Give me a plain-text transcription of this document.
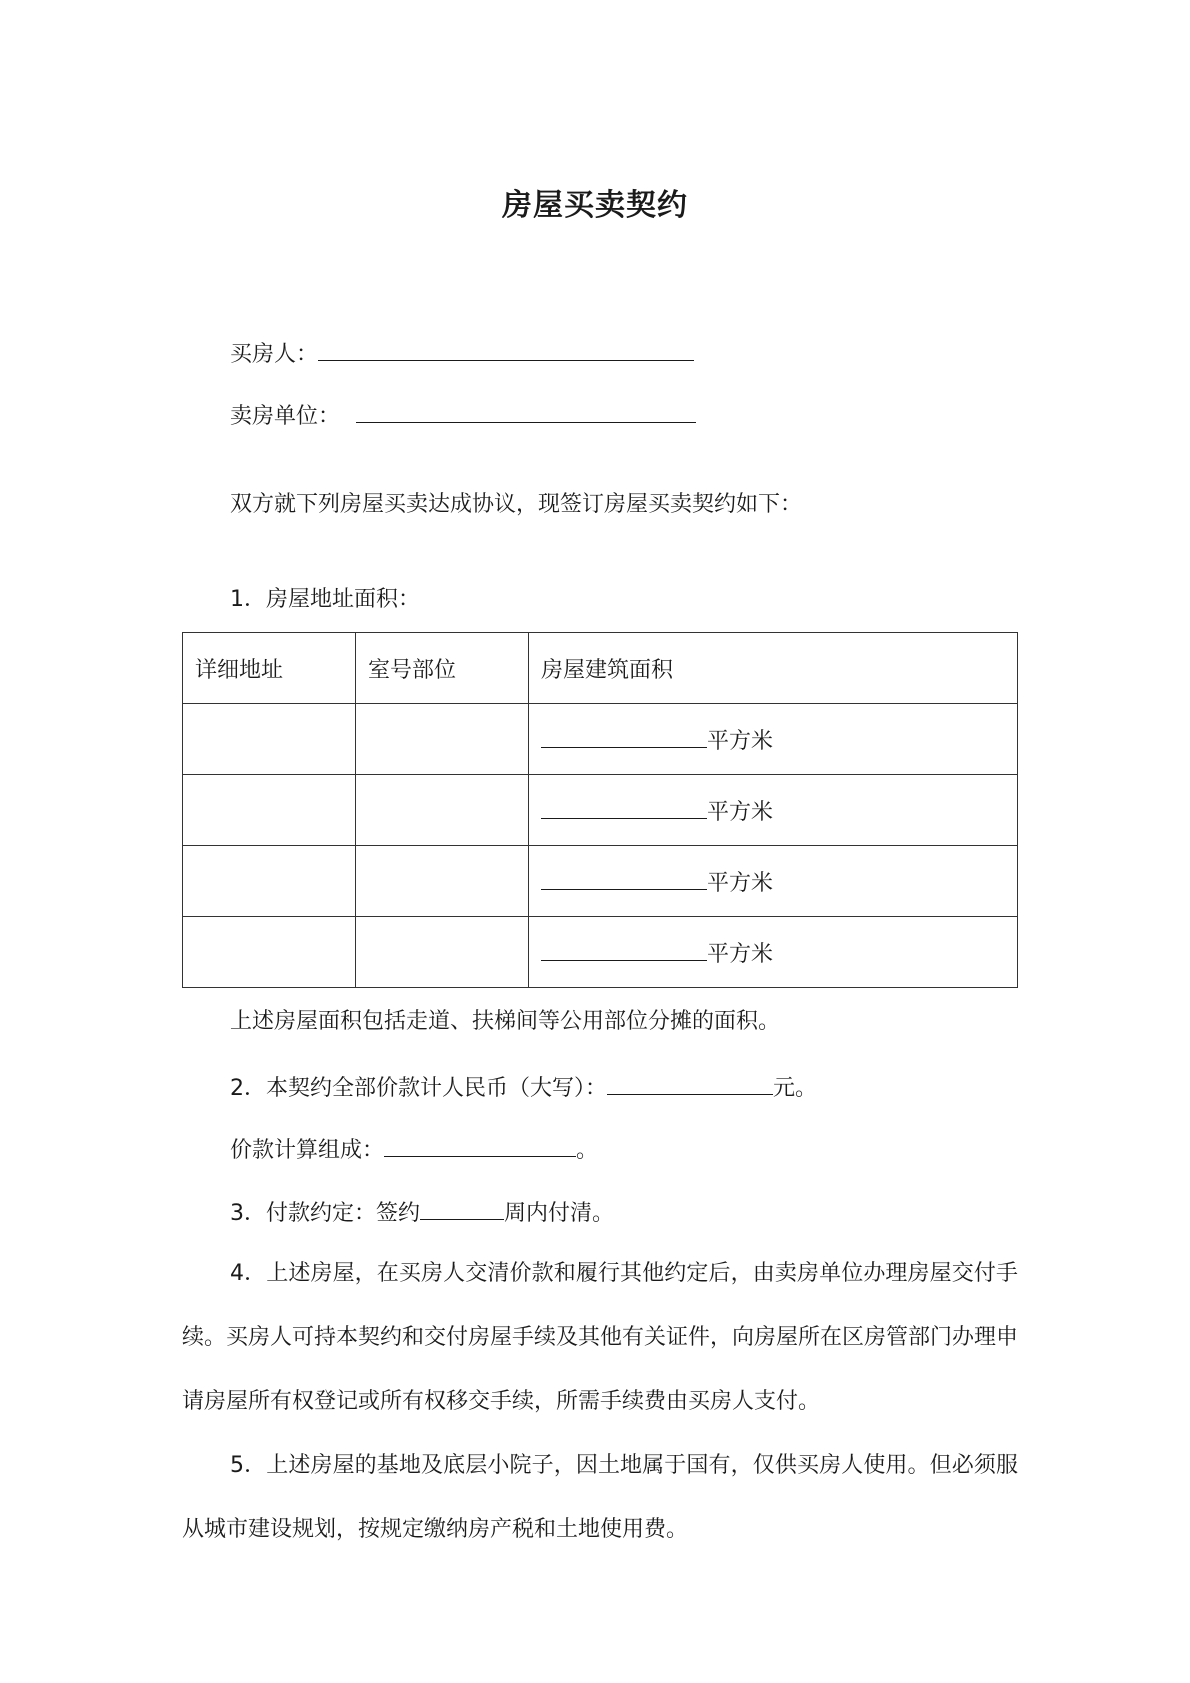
房屋买卖契约
买房人：
卖房单位：
双方就下列房屋买卖达成协议，现签订房屋买卖契约如下：
1．房屋地址面积：
详细地址	室号部位	房屋建筑面积
		平方米
		平方米
		平方米
		平方米
上述房屋面积包括走道、扶梯间等公用部位分摊的面积。
2．本契约全部价款计人民币（大写）：	元。
价款计算组成：	。
3．付款约定：签约	周内付清。
4．上述房屋，在买房人交清价款和履行其他约定后，由卖房单位办理房屋交付手续。买房人可持本契约和交付房屋手续及其他有关证件，向房屋所在区房管部门办理申请房屋所有权登记或所有权移交手续，所需手续费由买房人支付。
5．上述房屋的基地及底层小院子，因土地属于国有，仅供买房人使用。但必须服从城市建设规划，按规定缴纳房产税和土地使用费。
